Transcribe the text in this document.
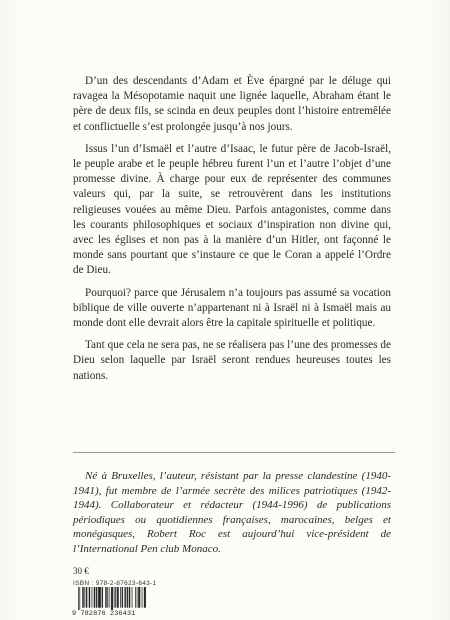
D’un des descendants d’Adam et Ève épargné par le déluge qui ravagea la Mésopotamie naquit une lignée laquelle, Abraham étant le père de deux fils, se scinda en deux peuples dont l’histoire entremêlée et conflictuelle s’est prolongée jusqu’à nos jours.

Issus l’un d’Ismaël et l’autre d’Isaac, le futur père de Jacob-Israël, le peuple arabe et le peuple hébreu furent l’un et l’autre l’objet d’une promesse divine. À charge pour eux de représenter des communes valeurs qui, par la suite, se retrouvèrent dans les institutions religieuses vouées au même Dieu. Parfois antagonistes, comme dans les courants philosophiques et sociaux d’inspiration non divine qui, avec les églises et non pas à la manière d’un Hitler, ont façonné le monde sans pourtant que s’instaure ce que le Coran a appelé l’Ordre de Dieu.

Pourquoi? parce que Jérusalem n’a toujours pas assumé sa vocation biblique de ville ouverte n’appartenant ni à Israël ni à Ismaël mais au monde dont elle devrait alors être la capitale spirituelle et politique.

Tant que cela ne sera pas, ne se réalisera pas l’une des promesses de Dieu selon laquelle par Israël seront rendues heureuses toutes les nations.

Né à Bruxelles, l’auteur, résistant par la presse clandestine (1940-1941), fut membre de l’armée secrète des milices patriotiques (1942-1944). Collaborateur et rédacteur (1944-1996) de publications périodiques ou quotidiennes françaises, marocaines, belges et monégasques, Robert Roc est aujourd’hui vice-président de l’International Pen club Monaco.

30 €
ISBN : 978-2-87623-643-1
9 782876 236431
